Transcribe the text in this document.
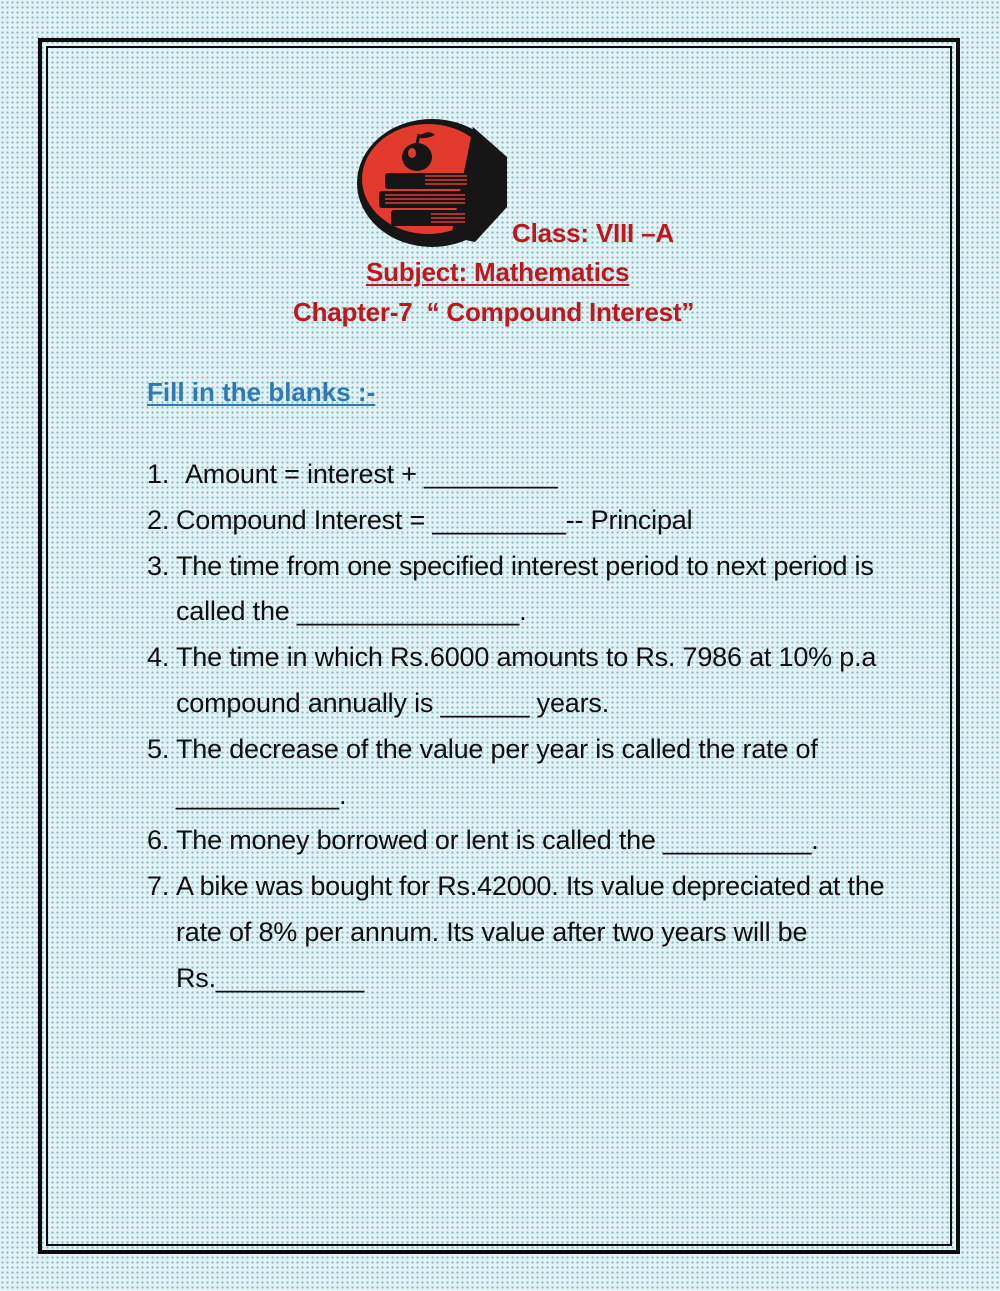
Class: VIII –A
Subject: Mathematics
Chapter-7  “ Compound Interest”
Fill in the blanks :-
1. Amount = interest + _________
2. Compound Interest = _________-- Principal
3. The time from one specified interest period to next period is called the _______________.
4. The time in which Rs.6000 amounts to Rs. 7986 at 10% p.a compound annually is ______ years.
5. The decrease of the value per year is called the rate of ___________.
6. The money borrowed or lent is called the __________.
7. A bike was bought for Rs.42000. Its value depreciated at the rate of 8% per annum. Its value after two years will be Rs.__________
